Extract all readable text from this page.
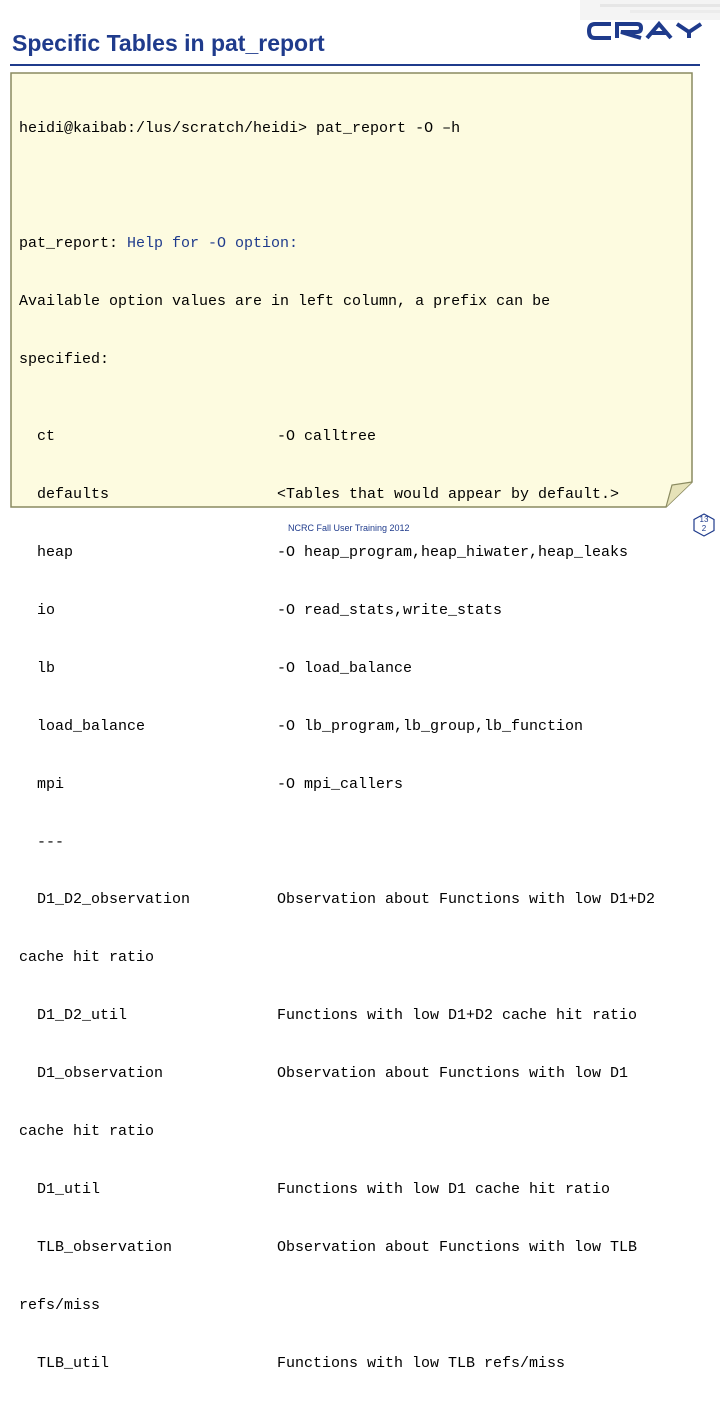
Specific Tables in pat_report

heidi@kaibab:/lus/scratch/heidi> pat_report -O –h

pat_report: Help for -O option:

Available option values are in left column, a prefix can be

specified:

ct	-O calltree

defaults	<Tables that would appear by default.>

heap	-O heap_program,heap_hiwater,heap_leaks

io	-O read_stats,write_stats

lb	-O load_balance

load_balance	-O lb_program,lb_group,lb_function

mpi	-O mpi_callers

---

D1_D2_observation	Observation about Functions with low D1+D2

cache hit ratio

D1_D2_util	Functions with low D1+D2 cache hit ratio

D1_observation	Observation about Functions with low D1

cache hit ratio

D1_util	Functions with low D1 cache hit ratio

TLB_observation	Observation about Functions with low TLB

refs/miss

TLB_util	Functions with low TLB refs/miss

NCRC Fall User Training 2012
13
2
